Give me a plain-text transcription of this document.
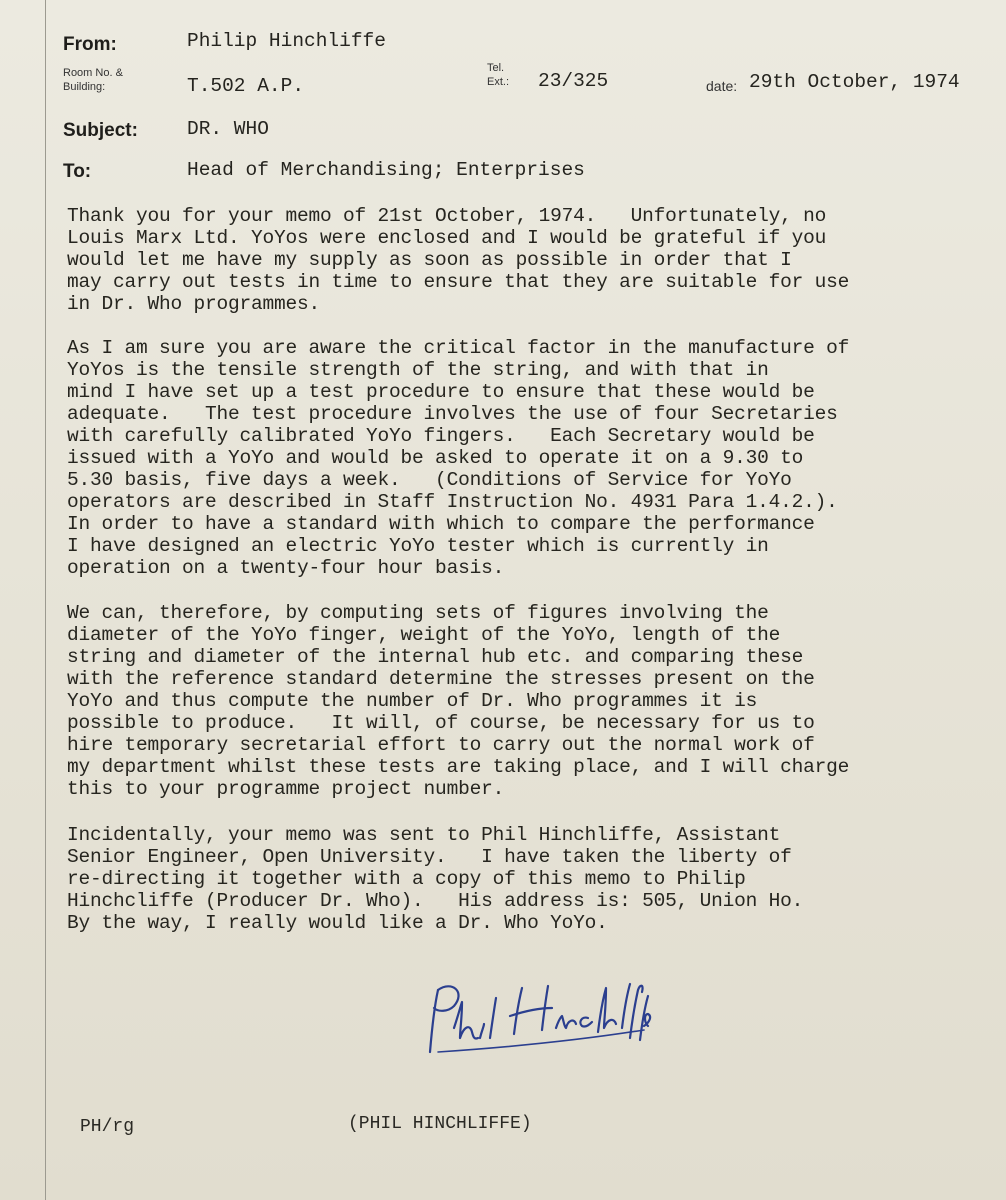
From:	Philip Hinchliffe
Room No. &
Building:	T.502 A.P.
Tel.
Ext.: 23/325	date: 29th October, 1974
Subject:	DR. WHO
To:	Head of Merchandising; Enterprises
Thank you for your memo of 21st October, 1974.   Unfortunately, no
Louis Marx Ltd. YoYos were enclosed and I would be grateful if you
would let me have my supply as soon as possible in order that I
may carry out tests in time to ensure that they are suitable for use
in Dr. Who programmes.
As I am sure you are aware the critical factor in the manufacture of
YoYos is the tensile strength of the string, and with that in
mind I have set up a test procedure to ensure that these would be
adequate.   The test procedure involves the use of four Secretaries
with carefully calibrated YoYo fingers.   Each Secretary would be
issued with a YoYo and would be asked to operate it on a 9.30 to
5.30 basis, five days a week.   (Conditions of Service for YoYo
operators are described in Staff Instruction No. 4931 Para 1.4.2.).
In order to have a standard with which to compare the performance
I have designed an electric YoYo tester which is currently in
operation on a twenty-four hour basis.
We can, therefore, by computing sets of figures involving the
diameter of the YoYo finger, weight of the YoYo, length of the
string and diameter of the internal hub etc. and comparing these
with the reference standard determine the stresses present on the
YoYo and thus compute the number of Dr. Who programmes it is
possible to produce.   It will, of course, be necessary for us to
hire temporary secretarial effort to carry out the normal work of
my department whilst these tests are taking place, and I will charge
this to your programme project number.
Incidentally, your memo was sent to Phil Hinchliffe, Assistant
Senior Engineer, Open University.   I have taken the liberty of
re-directing it together with a copy of this memo to Philip
Hinchcliffe (Producer Dr. Who).   His address is: 505, Union Ho.
By the way, I really would like a Dr. Who YoYo.
PH/rg	(PHIL HINCHLIFFE)
